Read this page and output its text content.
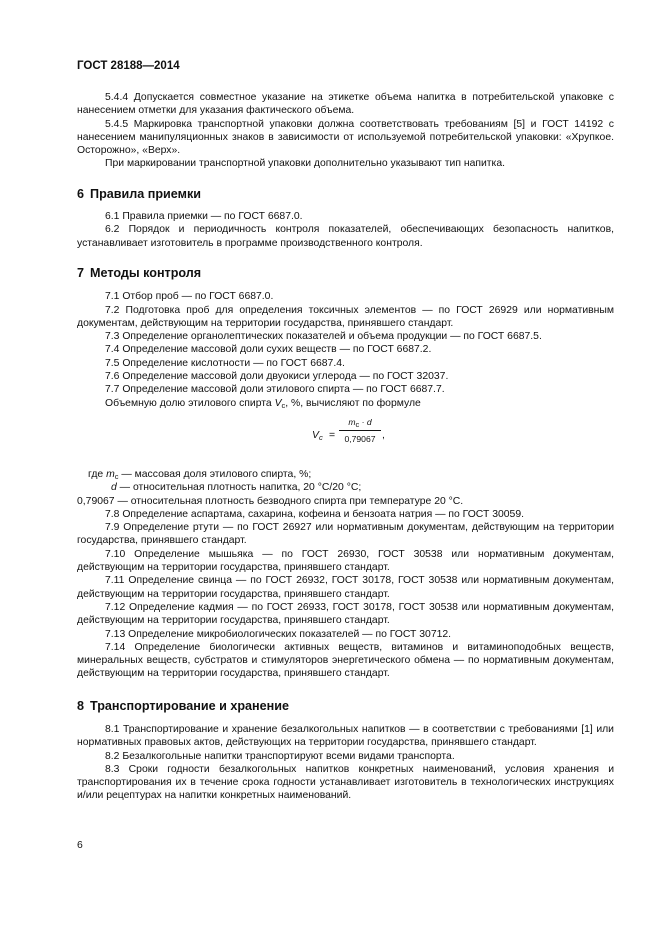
ГОСТ 28188—2014

5.4.4 Допускается совместное указание на этикетке объема напитка в потребительской упаковке с нанесением отметки для указания фактического объема.

5.4.5 Маркировка транспортной упаковки должна соответствовать требованиям [5] и ГОСТ 14192 с нанесением манипуляционных знаков в зависимости от используемой потребительской упаковки: «Хрупкое. Осторожно», «Верх».

При маркировании транспортной упаковки дополнительно указывают тип напитка.

6 Правила приемки

6.1 Правила приемки — по ГОСТ 6687.0.

6.2 Порядок и периодичность контроля показателей, обеспечивающих безопасность напитков, устанавливает изготовитель в программе производственного контроля.

7 Методы контроля

7.1 Отбор проб — по ГОСТ 6687.0.

7.2 Подготовка проб для определения токсичных элементов — по ГОСТ 26929 или нормативным документам, действующим на территории государства, принявшего стандарт.

7.3 Определение органолептических показателей и объема продукции — по ГОСТ 6687.5.

7.4 Определение массовой доли сухих веществ — по ГОСТ 6687.2.

7.5 Определение кислотности — по ГОСТ 6687.4.

7.6 Определение массовой доли двуокиси углерода — по ГОСТ 32037.

7.7 Определение массовой доли этилового спирта — по ГОСТ 6687.7.

Объемную долю этилового спирта $V_c$, %, вычисляют по формуле

$V_c$ =
$m_c \cdot d$
0,79067 ,

где $m_c$ — массовая доля этилового спирта, %;

d — относительная плотность напитка, 20 °C/20 °C;

0,79067 — относительная плотность безводного спирта при температуре 20 °C.

7.8 Определение аспартама, сахарина, кофеина и бензоата натрия — по ГОСТ 30059.

7.9 Определение ртути — по ГОСТ 26927 или нормативным документам, действующим на территории государства, принявшего стандарт.

7.10 Определение мышьяка — по ГОСТ 26930, ГОСТ 30538 или нормативным документам, действующим на территории государства, принявшего стандарт.

7.11 Определение свинца — по ГОСТ 26932, ГОСТ 30178, ГОСТ 30538 или нормативным документам, действующим на территории государства, принявшего стандарт.

7.12 Определение кадмия — по ГОСТ 26933, ГОСТ 30178, ГОСТ 30538 или нормативным документам, действующим на территории государства, принявшего стандарт.

7.13 Определение микробиологических показателей — по ГОСТ 30712.

7.14 Определение биологически активных веществ, витаминов и витаминоподобных веществ, минеральных веществ, субстратов и стимуляторов энергетического обмена — по нормативным документам, действующим на территории государства, принявшего стандарт.

8 Транспортирование и хранение

8.1 Транспортирование и хранение безалкогольных напитков — в соответствии с требованиями [1] или нормативных правовых актов, действующих на территории государства, принявшего стандарт.

8.2 Безалкогольные напитки транспортируют всеми видами транспорта.

8.3 Сроки годности безалкогольных напитков конкретных наименований, условия хранения и транспортирования их в течение срока годности устанавливает изготовитель в технологических инструкциях и/или рецептурах на напитки конкретных наименований.

6
